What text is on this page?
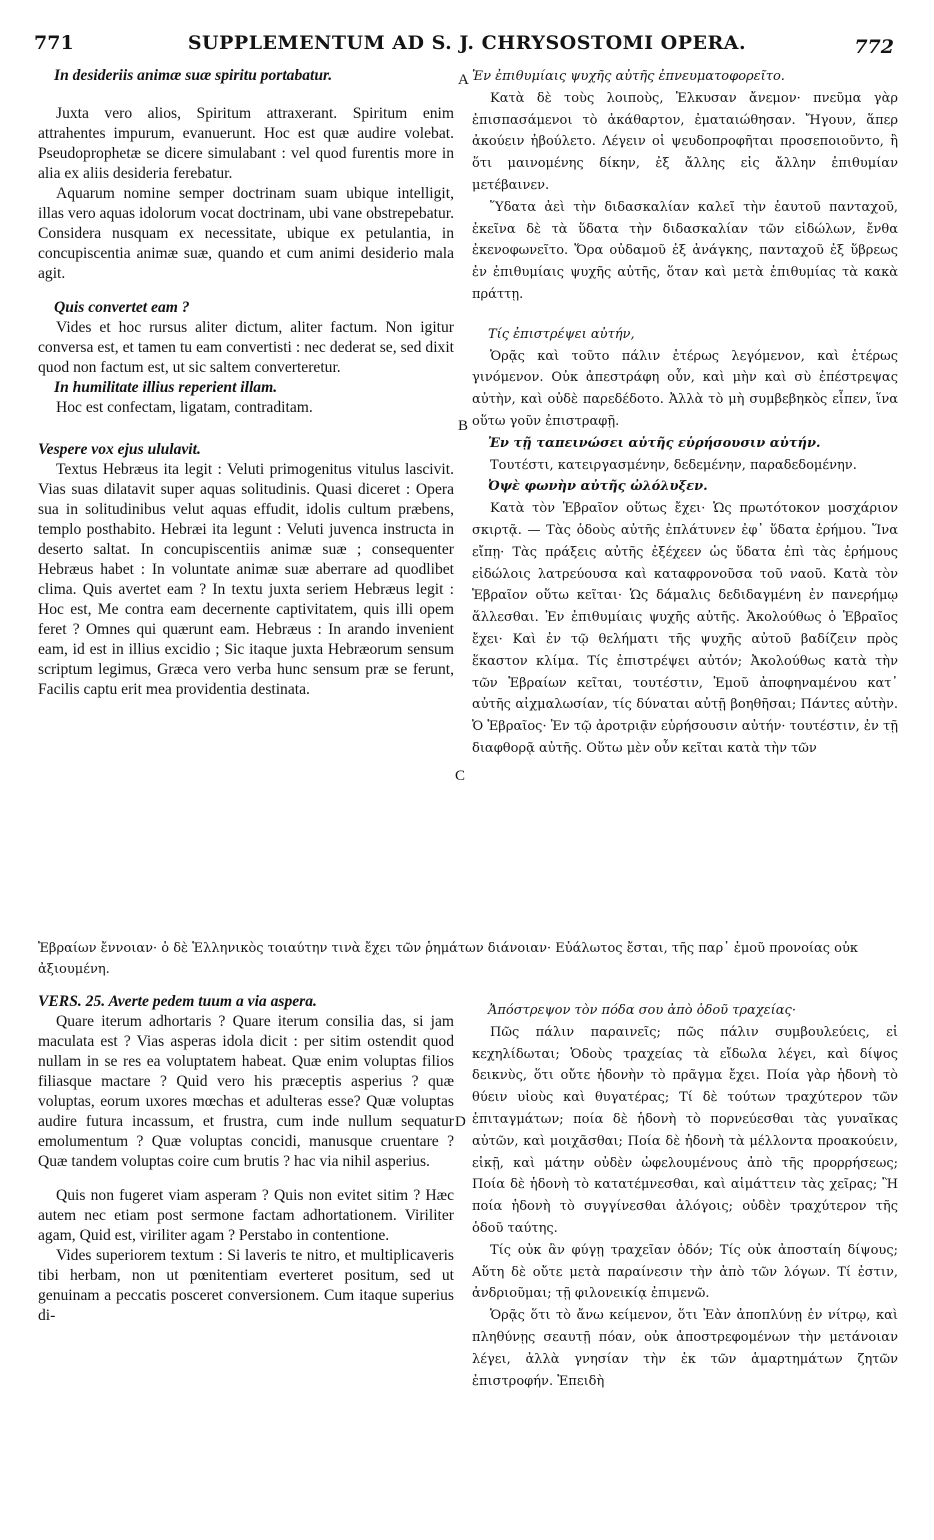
771	SUPPLEMENTUM AD S. J. CHRYSOSTOMI OPERA.	772
A
B
C
D

In desideriis animæ suæ spiritu portabatur.

Juxta vero alios, Spiritum attraxerant. Spiritum enim attrahentes impurum, evanuerunt. Hoc est quæ audire volebat. Pseudoprophetæ se dicere simulabant : vel quod furentis more in alia ex aliis desideria ferebatur.

Aquarum nomine semper doctrinam suam ubique intelligit, illas vero aquas idolorum vocat doctrinam, ubi vane obstrepebatur. Considera nusquam ex necessitate, ubique ex petulantia, in concupiscentia animæ suæ, quando et cum animi desiderio mala agit.

Quis convertet eam ?

Vides et hoc rursus aliter dictum, aliter factum. Non igitur conversa est, et tamen tu eam convertisti : nec dederat se, sed dixit quod non factum est, ut sic saltem converteretur.

In humilitate illius reperient illam.

Hoc est confectam, ligatam, contraditam.

Vespere vox ejus ululavit.

Textus Hebræus ita legit : Veluti primogenitus vitulus lascivit. Vias suas dilatavit super aquas solitudinis. Quasi diceret : Opera sua in solitudinibus velut aquas effudit, idolis cultum præbens, templo posthabito. Hebræi ita legunt : Veluti juvenca instructa in deserto saltat. In concupiscentiis animæ suæ ; consequenter Hebræus habet : In voluntate animæ suæ aberrare ad quodlibet clima. Quis avertet eam ? In textu juxta seriem Hebræus legit : Hoc est, Me contra eam decernente captivitatem, quis illi opem feret ? Omnes qui quærunt eam. Hebræus : In arando invenient eam, id est in illius excidio ; Sic itaque juxta Hebræorum sensum scriptum legimus, Græca vero verba hunc sensum præ se ferunt, Facilis captu erit mea providentia destinata.

Ἐν ἐπιθυμίαις ψυχῆς αὐτῆς ἐπνευματοφορεῖτο.

Κατὰ δὲ τοὺς λοιποὺς, Ἑλκυσαν ἄνεμον· πνεῦμα γὰρ ἐπισπασάμενοι τὸ ἀκάθαρτον, ἐματαιώθησαν. Ἤγουν, ἅπερ ἀκούειν ἠβούλετο. Λέγειν οἱ ψευδοπροφῆται προσεποιοῦντο, ἢ ὅτι μαινομένης δίκην, ἐξ ἄλλης εἰς ἄλλην ἐπιθυμίαν μετέβαινεν.

Ὕδατα ἀεὶ τὴν διδασκαλίαν καλεῖ τὴν ἑαυτοῦ πανταχοῦ, ἐκεῖνα δὲ τὰ ὕδατα τὴν διδασκαλίαν τῶν εἰδώλων, ἔνθα ἐκενοφωνεῖτο. Ὅρα οὐδαμοῦ ἐξ ἀνάγκης, πανταχοῦ ἐξ ὕβρεως ἐν ἐπιθυμίαις ψυχῆς αὐτῆς, ὅταν καὶ μετὰ ἐπιθυμίας τὰ κακὰ πράττῃ.

Τίς ἐπιστρέψει αὐτήν,

Ὁρᾷς καὶ τοῦτο πάλιν ἑτέρως λεγόμενον, καὶ ἑτέρως γινόμενον. Οὐκ ἀπεστράφη οὖν, καὶ μὴν καὶ σὺ ἐπέστρεψας αὐτὴν, καὶ οὐδὲ παρεδέδοτο. Ἀλλὰ τὸ μὴ συμβεβηκὸς εἶπεν, ἵνα οὕτω γοῦν ἐπιστραφῇ.

Ἐν τῇ ταπεινώσει αὐτῆς εὑρήσουσιν αὐτήν.

Τουτέστι, κατειργασμένην, δεδεμένην, παραδεδομένην.

Ὀψὲ φωνὴν αὐτῆς ὠλόλυξεν.

Κατὰ τὸν Ἑβραῖον οὕτως ἔχει· Ὡς πρωτότοκον μοσχάριον σκιρτᾷ. — Τὰς ὁδοὺς αὐτῆς ἐπλάτυνεν ἐφ᾽ ὕδατα ἐρήμου. Ἵνα εἴπῃ· Τὰς πράξεις αὐτῆς ἐξέχεεν ὡς ὕδατα ἐπὶ τὰς ἐρήμους εἰδώλοις λατρεύουσα καὶ καταφρονοῦσα τοῦ ναοῦ. Κατὰ τὸν Ἑβραῖον οὕτω κεῖται· Ὡς δάμαλις δεδιδαγμένη ἐν πανερήμῳ ἅλλεσθαι. Ἐν ἐπιθυμίαις ψυχῆς αὐτῆς. Ἀκολούθως ὁ Ἑβραῖος ἔχει· Καὶ ἐν τῷ θελήματι τῆς ψυχῆς αὐτοῦ βαδίζειν πρὸς ἕκαστον κλίμα. Τίς ἐπιστρέψει αὐτόν; Ἀκολούθως κατὰ τὴν τῶν Ἑβραίων κεῖται, τουτέστιν, Ἐμοῦ ἀποφηναμένου κατ᾽ αὐτῆς αἰχμαλωσίαν, τίς δύναται αὐτῇ βοηθῆσαι; Πάντες αὐτὴν. Ὁ Ἑβραῖος· Ἐν τῷ ἀροτριᾷν εὑρήσουσιν αὐτήν· τουτέστιν, ἐν τῇ διαφθορᾷ αὐτῆς. Οὕτω μὲν οὖν κεῖται κατὰ τὴν τῶν

Ἑβραίων ἔννοιαν· ὁ δὲ Ἑλληνικὸς τοιαύτην τινὰ ἔχει τῶν ῥημάτων διάνοιαν· Εὐάλωτος ἔσται, τῆς παρ᾽ ἐμοῦ προνοίας οὐκ ἀξιουμένη.

VERS. 25. Averte pedem tuum a via aspera.

Quare iterum adhortaris ? Quare iterum consilia das, si jam maculata est ? Vias asperas idola dicit : per sitim ostendit quod nullam in se res ea voluptatem habeat. Quæ enim voluptas filios filiasque mactare ? Quid vero his præceptis asperius ? quæ voluptas, eorum uxores mœchas et adulteras esse? Quæ voluptas audire futura incassum, et frustra, cum inde nullum sequatur emolumentum ? Quæ voluptas concidi, manusque cruentare ? Quæ tandem voluptas coire cum brutis ? hac via nihil asperius.

Quis non fugeret viam asperam ? Quis non evitet sitim ? Hæc autem nec etiam post sermone factam adhortationem. Viriliter agam, Quid est, viriliter agam ? Perstabo in contentione.

Vides superiorem textum : Si laveris te nitro, et multiplicaveris tibi herbam, non ut pœnitentiam everteret positum, sed ut genuinam a peccatis posceret conversionem. Cum itaque superius di-

Ἀπόστρεψον τὸν πόδα σου ἀπὸ ὁδοῦ τραχείας·

Πῶς πάλιν παραινεῖς; πῶς πάλιν συμβουλεύεις, εἰ κεχηλίδωται; Ὁδοὺς τραχείας τὰ εἴδωλα λέγει, καὶ δίψος δεικνὺς, ὅτι οὔτε ἡδονὴν τὸ πρᾶγμα ἔχει. Ποία γὰρ ἡδονὴ τὸ θύειν υἱοὺς καὶ θυγατέρας; Τί δὲ τούτων τραχύτερον τῶν ἐπιταγμάτων; ποία δὲ ἡδονὴ τὸ πορνεύεσθαι τὰς γυναῖκας αὐτῶν, καὶ μοιχᾶσθαι; Ποία δὲ ἡδονὴ τὰ μέλλοντα προακούειν, εἰκῇ, καὶ μάτην οὐδὲν ὠφελουμένους ἀπὸ τῆς προρρήσεως; Ποία δὲ ἡδονὴ τὸ κατατέμνεσθαι, καὶ αἱμάττειν τὰς χεῖρας; Ἢ ποία ἡδονὴ τὸ συγγίνεσθαι ἀλόγοις; οὐδὲν τραχύτερον τῆς ὁδοῦ ταύτης.

Τίς οὐκ ἂν φύγῃ τραχεῖαν ὁδόν; Τίς οὐκ ἀποσταίη δίψους; Αὕτη δὲ οὔτε μετὰ παραίνεσιν τὴν ἀπὸ τῶν λόγων. Τί ἐστιν, ἀνδριοῦμαι; τῇ φιλονεικίᾳ ἐπιμενῶ.

Ὁρᾷς ὅτι τὸ ἄνω κείμενον, ὅτι Ἐὰν ἀποπλύνῃ ἐν νίτρῳ, καὶ πληθύνῃς σεαυτῇ πόαν, οὐκ ἀποστρεφομένων τὴν μετάνοιαν λέγει, ἀλλὰ γνησίαν τὴν ἐκ τῶν ἁμαρτημάτων ζητῶν ἐπιστροφήν. Ἐπειδὴ
